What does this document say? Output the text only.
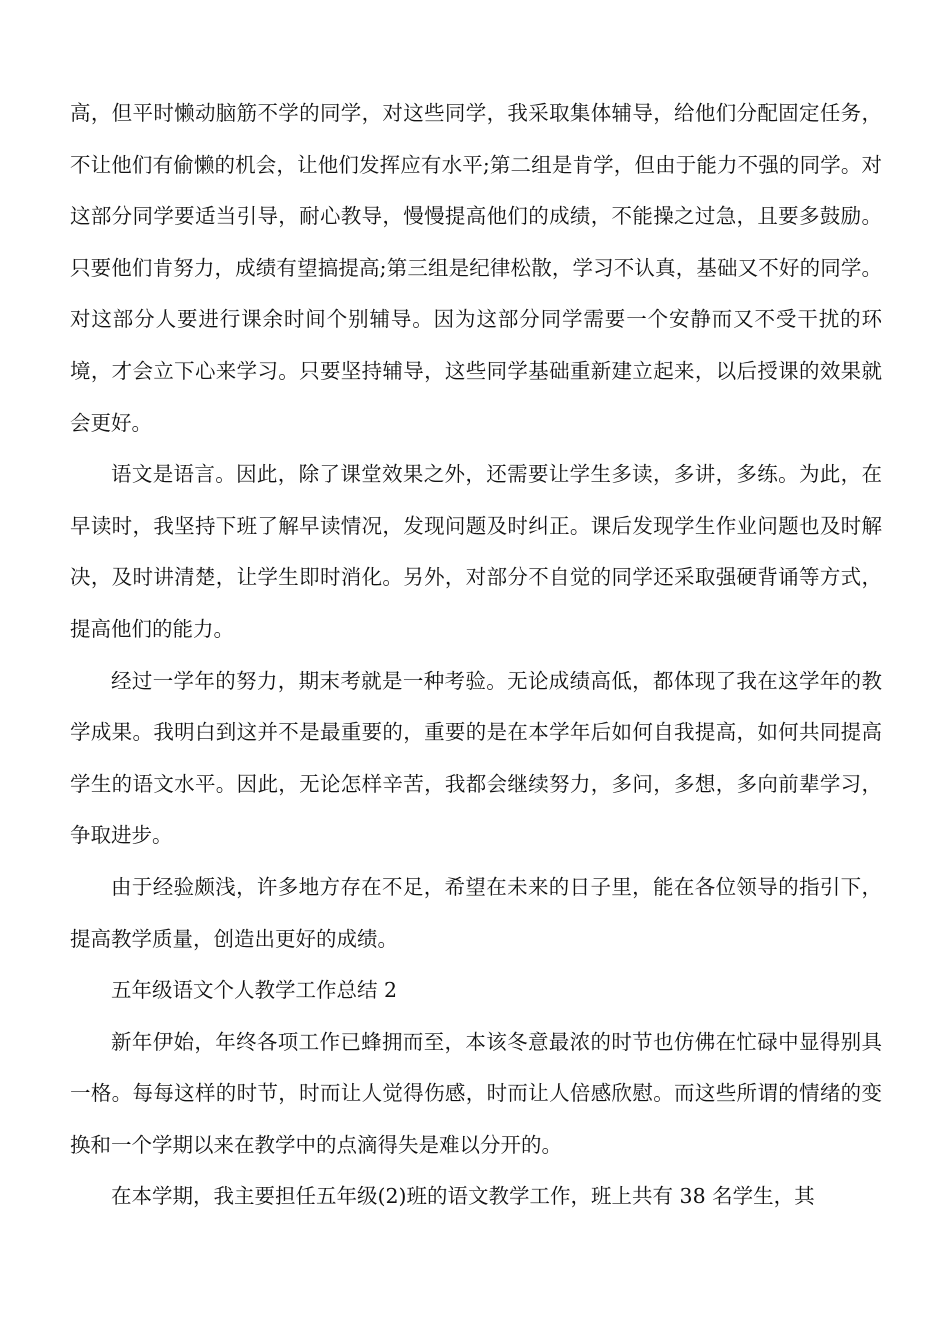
高，但平时懒动脑筋不学的同学，对这些同学，我采取集体辅导，给他们分配固定任务，不让他们有偷懒的机会，让他们发挥应有水平;第二组是肯学，但由于能力不强的同学。对这部分同学要适当引导，耐心教导，慢慢提高他们的成绩，不能操之过急，且要多鼓励。只要他们肯努力，成绩有望搞提高;第三组是纪律松散，学习不认真，基础又不好的同学。对这部分人要进行课余时间个别辅导。因为这部分同学需要一个安静而又不受干扰的环境，才会立下心来学习。只要坚持辅导，这些同学基础重新建立起来，以后授课的效果就会更好。

语文是语言。因此，除了课堂效果之外，还需要让学生多读，多讲，多练。为此，在早读时，我坚持下班了解早读情况，发现问题及时纠正。课后发现学生作业问题也及时解决，及时讲清楚，让学生即时消化。另外，对部分不自觉的同学还采取强硬背诵等方式，提高他们的能力。

经过一学年的努力，期末考就是一种考验。无论成绩高低，都体现了我在这学年的教学成果。我明白到这并不是最重要的，重要的是在本学年后如何自我提高，如何共同提高学生的语文水平。因此，无论怎样辛苦，我都会继续努力，多问，多想，多向前辈学习，争取进步。

由于经验颇浅，许多地方存在不足，希望在未来的日子里，能在各位领导的指引下，提高教学质量，创造出更好的成绩。

五年级语文个人教学工作总结 2

新年伊始，年终各项工作已蜂拥而至，本该冬意最浓的时节也仿佛在忙碌中显得别具一格。每每这样的时节，时而让人觉得伤感，时而让人倍感欣慰。而这些所谓的情绪的变换和一个学期以来在教学中的点滴得失是难以分开的。

在本学期，我主要担任五年级(2)班的语文教学工作，班上共有 38 名学生，其
